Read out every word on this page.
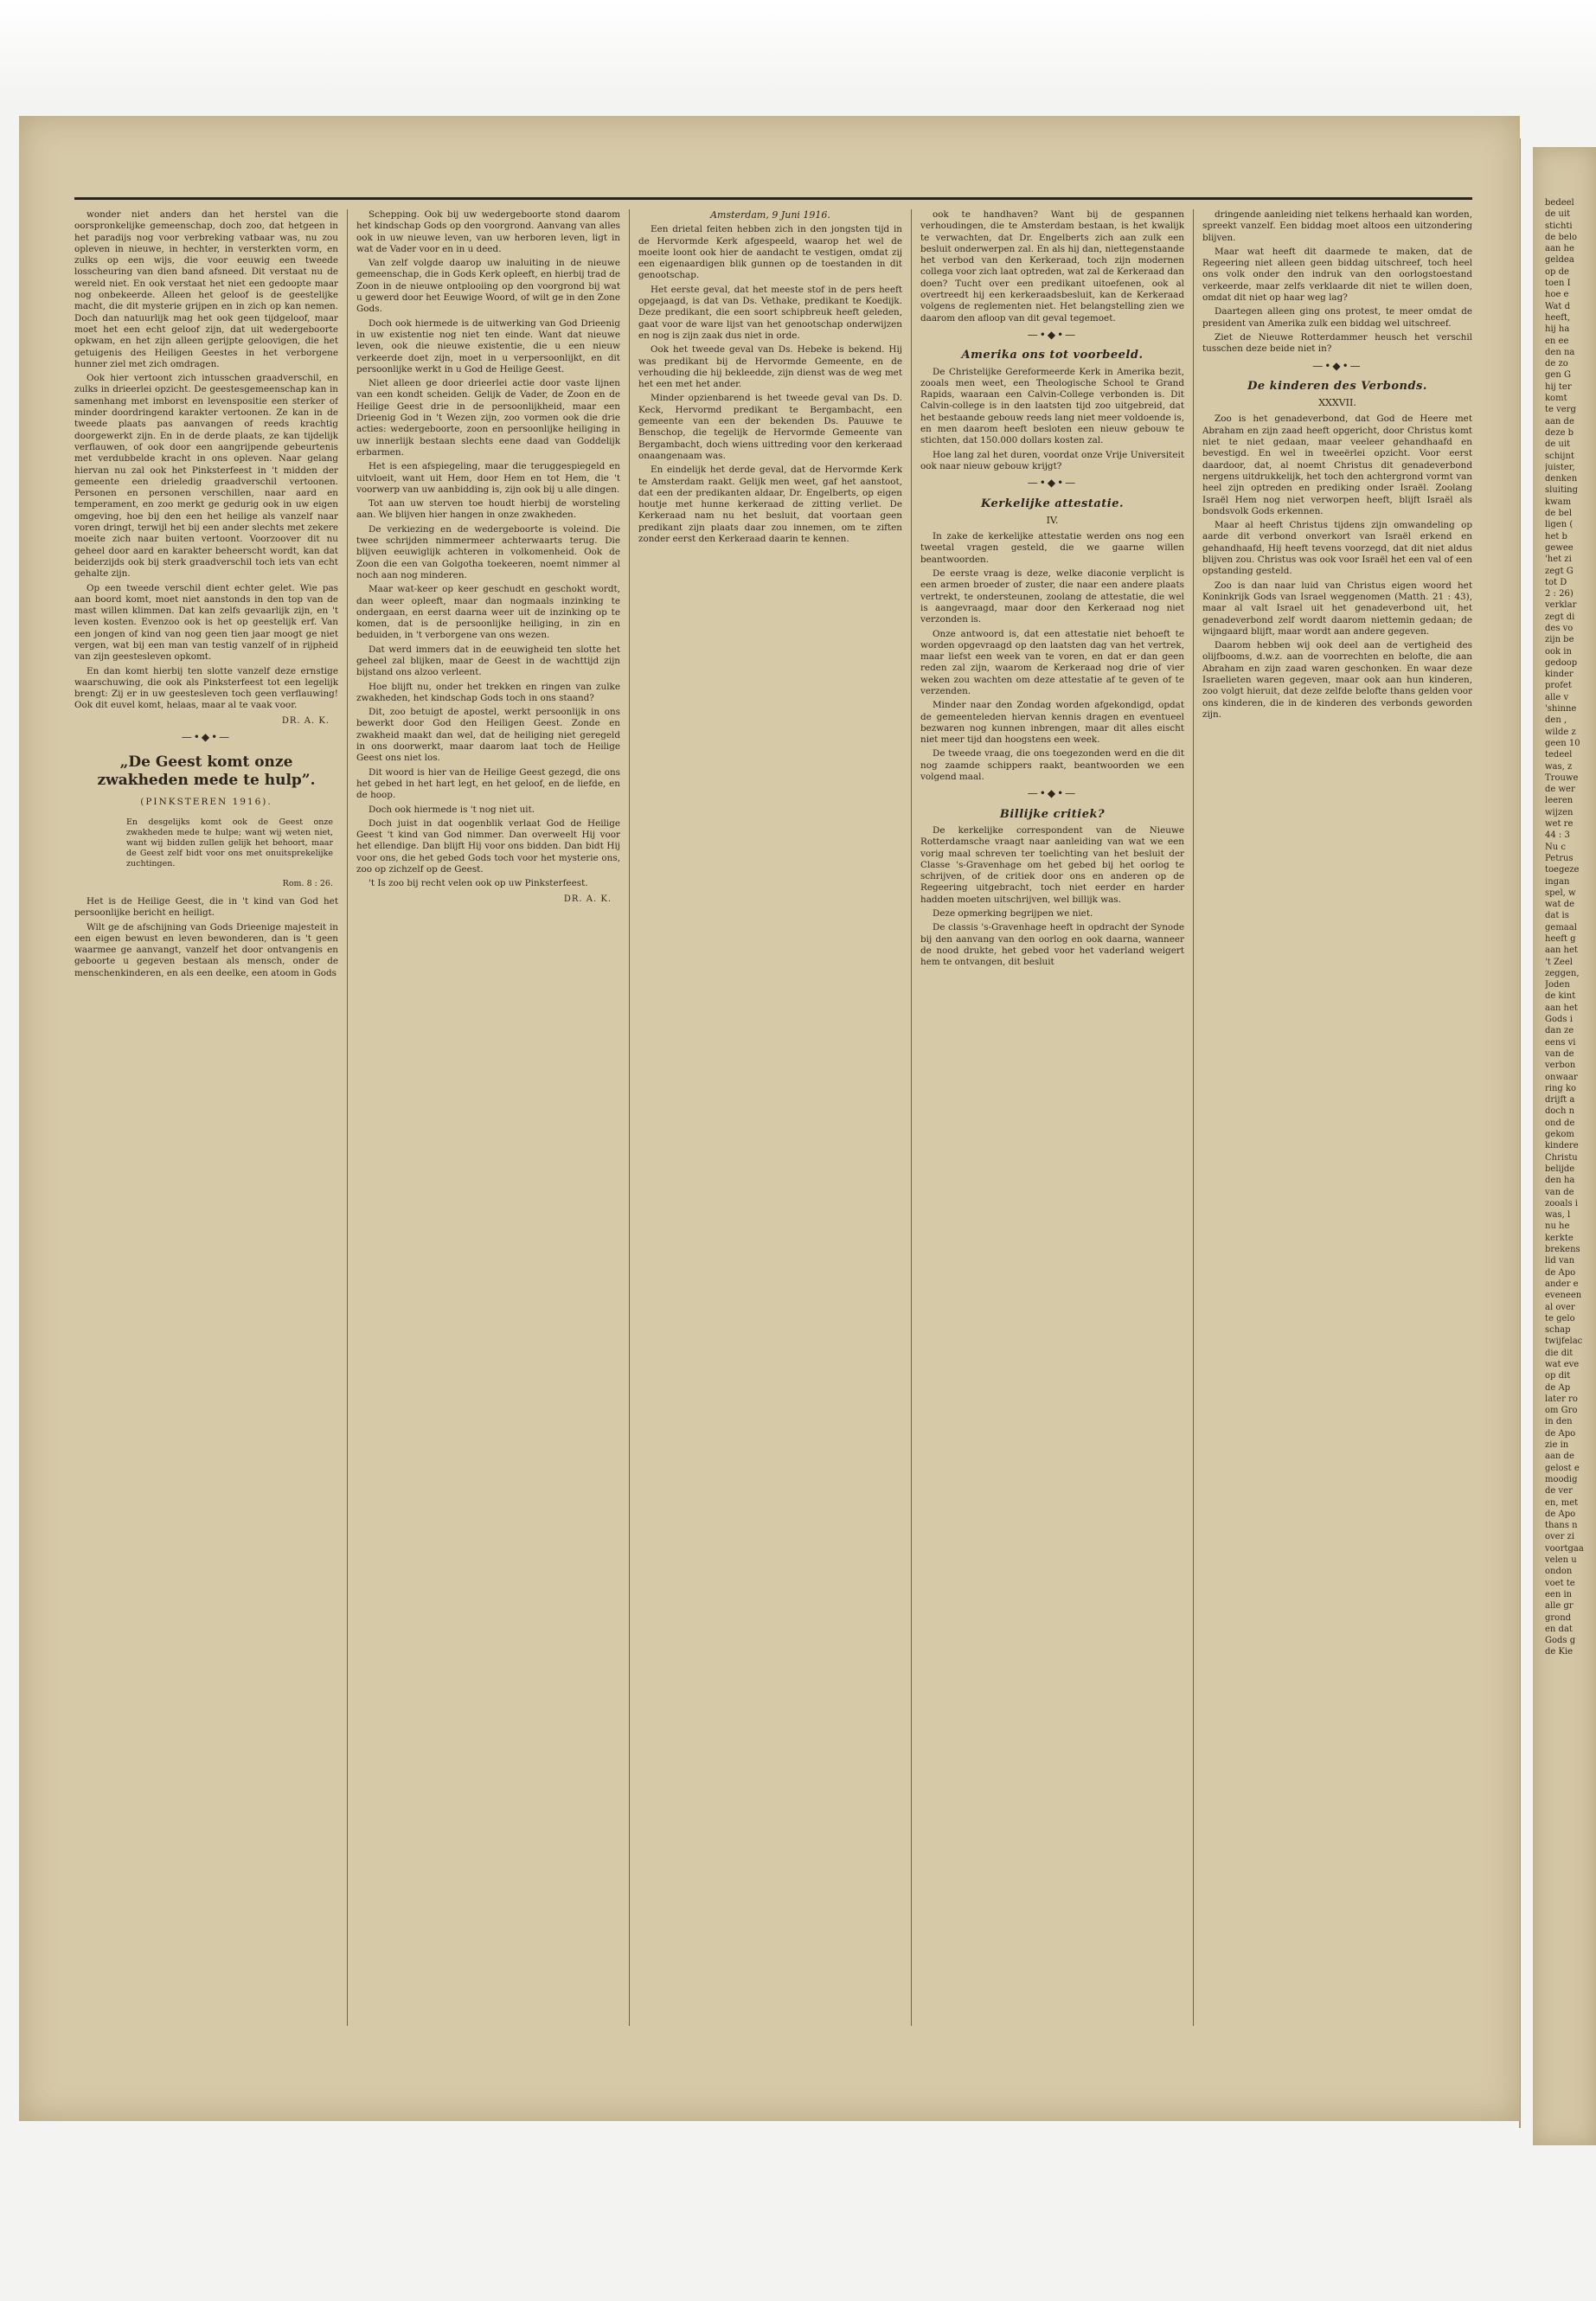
wonder niet anders dan het herstel van die oorspronkelijke gemeenschap, doch zoo, dat hetgeen in het paradijs nog voor verbreking vatbaar was, nu zou opleven in nieuwe, in hechter, in versterkten vorm, en zulks op een wijs, die voor eeuwig een tweede losscheuring van dien band afsneed. Dit verstaat nu de wereld niet. En ook verstaat het niet een gedoopte maar nog onbekeerde. Alleen het geloof is de geestelijke macht, die dit mysterie grijpen en in zich op kan nemen. Doch dan natuurlijk mag het ook geen tijdgeloof, maar moet het een echt geloof zijn, dat uit wedergeboorte opkwam, en het zijn alleen gerijpte geloovigen, die het getuigenis des Heiligen Geestes in het verborgene hunner ziel met zich omdragen.

Ook hier vertoont zich intusschen graadverschil, en zulks in drieerlei opzicht. De geestesgemeenschap kan in samenhang met imborst en levenspositie een sterker of minder doordringend karakter vertoonen. Ze kan in de tweede plaats pas aanvangen of reeds krachtig doorgewerkt zijn. En in de derde plaats, ze kan tijdelijk verflauwen, of ook door een aangrijpende gebeurtenis met verdubbelde kracht in ons opleven. Naar gelang hiervan nu zal ook het Pinksterfeest in 't midden der gemeente een drieledig graadverschil vertoonen. Personen en personen verschillen, naar aard en temperament, en zoo merkt ge gedurig ook in uw eigen omgeving, hoe bij den een het heilige als vanzelf naar voren dringt, terwijl het bij een ander slechts met zekere moeite zich naar buiten vertoont. Voorzoover dit nu geheel door aard en karakter beheerscht wordt, kan dat beiderzijds ook bij sterk graadverschil toch iets van echt gehalte zijn.

Op een tweede verschil dient echter gelet. Wie pas aan boord komt, moet niet aanstonds in den top van de mast willen klimmen. Dat kan zelfs gevaarlijk zijn, en 't leven kosten. Evenzoo ook is het op geestelijk erf. Van een jongen of kind van nog geen tien jaar moogt ge niet vergen, wat bij een man van testig vanzelf of in rijpheid van zijn geestesleven opkomt.

En dan komt hierbij ten slotte vanzelf deze ernstige waarschuwing, die ook als Pinksterfeest tot een legelijk brengt: Zij er in uw geestesleven toch geen verflauwing! Ook dit euvel komt, helaas, maar al te vaak voor.

DR. A. K.
—•◆•—
„De Geest komt onze zwakheden mede te hulp”.
(PINKSTEREN 1916).
En desgelijks komt ook de Geest onze zwakheden mede te hulpe; want wij weten niet, want wij bidden zullen gelijk het behoort, maar de Geest zelf bidt voor ons met onuitsprekelijke zuchtingen.
Rom. 8 : 26.

Het is de Heilige Geest, die in 't kind van God het persoonlijke bericht en heiligt.

Wilt ge de afschijning van Gods Drieenige majesteit in een eigen bewust en leven bewonderen, dan is 't geen waarmee ge aanvangt, vanzelf het door ontvangenis en geboorte u gegeven bestaan als mensch, onder de menschenkinderen, en als een deelke, een atoom in Gods

Schepping. Ook bij uw wedergeboorte stond daarom het kindschap Gods op den voorgrond. Aanvang van alles ook in uw nieuwe leven, van uw herboren leven, ligt in wat de Vader voor en in u deed.

Van zelf volgde daarop uw inaluiting in de nieuwe gemeenschap, die in Gods Kerk opleeft, en hierbij trad de Zoon in de nieuwe ontplooiing op den voorgrond bij wat u gewerd door het Eeuwige Woord, of wilt ge in den Zone Gods.

Doch ook hiermede is de uitwerking van God Drieenig in uw existentie nog niet ten einde. Want dat nieuwe leven, ook die nieuwe existentie, die u een nieuw verkeerde doet zijn, moet in u verpersoonlijkt, en dit persoonlijke werkt in u God de Heilige Geest.

Niet alleen ge door drieerlei actie door vaste lijnen van een kondt scheiden. Gelijk de Vader, de Zoon en de Heilige Geest drie in de persoonlijkheid, maar een Drieenig God in 't Wezen zijn, zoo vormen ook die drie acties: wedergeboorte, zoon en persoonlijke heiliging in uw innerlijk bestaan slechts eene daad van Goddelijk erbarmen.

Het is een afspiegeling, maar die teruggespiegeld en uitvloeit, want uit Hem, door Hem en tot Hem, die 't voorwerp van uw aanbidding is, zijn ook bij u alle dingen.

Tot aan uw sterven toe houdt hierbij de worsteling aan. We blijven hier hangen in onze zwakheden.

De verkiezing en de wedergeboorte is voleind. Die twee schrijden nimmermeer achterwaarts terug. Die blijven eeuwiglijk achteren in volkomenheid. Ook de Zoon die een van Golgotha toekeeren, noemt nimmer al noch aan nog minderen.

Maar wat-keer op keer geschudt en geschokt wordt, dan weer opleeft, maar dan nogmaals inzinking te ondergaan, en eerst daarna weer uit de inzinking op te komen, dat is de persoonlijke heiliging, in zin en beduiden, in 't verborgene van ons wezen.

Dat werd immers dat in de eeuwigheid ten slotte het geheel zal blijken, maar de Geest in de wachttijd zijn bijstand ons alzoo verleent.

Hoe blijft nu, onder het trekken en ringen van zulke zwakheden, het kindschap Gods toch in ons staand?

Dit, zoo betuigt de apostel, werkt persoonlijk in ons bewerkt door God den Heiligen Geest. Zonde en zwakheid maakt dan wel, dat de heiliging niet geregeld in ons doorwerkt, maar daarom laat toch de Heilige Geest ons niet los.

Dit woord is hier van de Heilige Geest gezegd, die ons het gebed in het hart legt, en het geloof, en de liefde, en de hoop.

Doch ook hiermede is 't nog niet uit.

Doch juist in dat oogenblik verlaat God de Heilige Geest 't kind van God nimmer. Dan overweelt Hij voor het ellendige. Dan blijft Hij voor ons bidden. Dan bidt Hij voor ons, die het gebed Gods toch voor het mysterie ons, zoo op zichzelf op de Geest.

't Is zoo bij recht velen ook op uw Pinksterfeest.

DR. A. K.
Amsterdam, 9 Juni 1916.

Een drietal feiten hebben zich in den jongsten tijd in de Hervormde Kerk afgespeeld, waarop het wel de moeite loont ook hier de aandacht te vestigen, omdat zij een eigenaardigen blik gunnen op de toestanden in dit genootschap.

Het eerste geval, dat het meeste stof in de pers heeft opgejaagd, is dat van Ds. Vethake, predikant te Koedijk. Deze predikant, die een soort schipbreuk heeft geleden, gaat voor de ware lijst van het genootschap onderwijzen en nog is zijn zaak dus niet in orde.

Ook het tweede geval van Ds. Hebeke is bekend. Hij was predikant bij de Hervormde Gemeente, en de verhouding die hij bekleedde, zijn dienst was de weg met het een met het ander.

Minder opzienbarend is het tweede geval van Ds. D. Keck, Hervormd predikant te Bergambacht, een gemeente van een der bekenden Ds. Pauuwe te Benschop, die tegelijk de Hervormde Gemeente van Bergambacht, doch wiens uittreding voor den kerkeraad onaangenaam was.

En eindelijk het derde geval, dat de Hervormde Kerk te Amsterdam raakt. Gelijk men weet, gaf het aanstoot, dat een der predikanten aldaar, Dr. Engelberts, op eigen houtje met hunne kerkeraad de zitting verliet. De Kerkeraad nam nu het besluit, dat voortaan geen predikant zijn plaats daar zou innemen, om te ziften zonder eerst den Kerkeraad daarin te kennen.

ook te handhaven? Want bij de gespannen verhoudingen, die te Amsterdam bestaan, is het kwalijk te verwachten, dat Dr. Engelberts zich aan zulk een besluit onderwerpen zal. En als hij dan, niettegenstaande het verbod van den Kerkeraad, toch zijn modernen collega voor zich laat optreden, wat zal de Kerkeraad dan doen? Tucht over een predikant uitoefenen, ook al overtreedt hij een kerkeraadsbesluit, kan de Kerkeraad volgens de reglementen niet. Het belangstelling zien we daarom den afloop van dit geval tegemoet.

—•◆•—
Amerika ons tot voorbeeld.

De Christelijke Gereformeerde Kerk in Amerika bezit, zooals men weet, een Theologische School te Grand Rapids, waaraan een Calvin-College verbonden is. Dit Calvin-college is in den laatsten tijd zoo uitgebreid, dat het bestaande gebouw reeds lang niet meer voldoende is, en men daarom heeft besloten een nieuw gebouw te stichten, dat 150.000 dollars kosten zal.

Hoe lang zal het duren, voordat onze Vrije Universiteit ook naar nieuw gebouw krijgt?

—•◆•—
Kerkelijke attestatie.
IV.

In zake de kerkelijke attestatie werden ons nog een tweetal vragen gesteld, die we gaarne willen beantwoorden.

De eerste vraag is deze, welke diaconie verplicht is een armen broeder of zuster, die naar een andere plaats vertrekt, te ondersteunen, zoolang de attestatie, die wel is aangevraagd, maar door den Kerkeraad nog niet verzonden is.

Onze antwoord is, dat een attestatie niet behoeft te worden opgevraagd op den laatsten dag van het vertrek, maar liefst een week van te voren, en dat er dan geen reden zal zijn, waarom de Kerkeraad nog drie of vier weken zou wachten om deze attestatie af te geven of te verzenden.

Minder naar den Zondag worden afgekondigd, opdat de gemeenteleden hiervan kennis dragen en eventueel bezwaren nog kunnen inbrengen, maar dit alles eischt niet meer tijd dan hoogstens een week.

De tweede vraag, die ons toegezonden werd en die dit nog zaamde schippers raakt, beantwoorden we een volgend maal.

—•◆•—
Billijke critiek?

De kerkelijke correspondent van de Nieuwe Rotterdamsche vraagt naar aanleiding van wat we een vorig maal schreven ter toelichting van het besluit der Classe 's-Gravenhage om het gebed bij het oorlog te schrijven, of de critiek door ons en anderen op de Regeering uitgebracht, toch niet eerder en harder hadden moeten uitschrijven, wel billijk was.

Deze opmerking begrijpen we niet.

De classis 's-Gravenhage heeft in opdracht der Synode bij den aanvang van den oorlog en ook daarna, wanneer de nood drukte, het gebed voor het vaderland weigert hem te ontvangen, dit besluit

dringende aanleiding niet telkens herhaald kan worden, spreekt vanzelf. Een biddag moet altoos een uitzondering blijven.

Maar wat heeft dit daarmede te maken, dat de Regeering niet alleen geen biddag uitschreef, toch heel ons volk onder den indruk van den oorlogstoestand verkeerde, maar zelfs verklaarde dit niet te willen doen, omdat dit niet op haar weg lag?

Daartegen alleen ging ons protest, te meer omdat de president van Amerika zulk een biddag wel uitschreef.

Ziet de Nieuwe Rotterdammer heusch het verschil tusschen deze beide niet in?

—•◆•—
De kinderen des Verbonds.
XXXVII.

Zoo is het genadeverbond, dat God de Heere met Abraham en zijn zaad heeft opgericht, door Christus komt niet te niet gedaan, maar veeleer gehandhaafd en bevestigd. En wel in tweeërlei opzicht. Voor eerst daardoor, dat, al noemt Christus dit genadeverbond nergens uitdrukkelijk, het toch den achtergrond vormt van heel zijn optreden en prediking onder Israël. Zoolang Israël Hem nog niet verworpen heeft, blijft Israël als bondsvolk Gods erkennen.

Maar al heeft Christus tijdens zijn omwandeling op aarde dit verbond onverkort van Israël erkend en gehandhaafd, Hij heeft tevens voorzegd, dat dit niet aldus blijven zou. Christus was ook voor Israël het een val of een opstanding gesteld.

Zoo is dan naar luid van Christus eigen woord het Koninkrijk Gods van Israel weggenomen (Matth. 21 : 43), maar al valt Israel uit het genadeverbond uit, het genadeverbond zelf wordt daarom niettemin gedaan; de wijngaard blijft, maar wordt aan andere gegeven.

Daarom hebben wij ook deel aan de vertigheid des olijfbooms, d.w.z. aan de voorrechten en belofte, die aan Abraham en zijn zaad waren geschonken. En waar deze Israelieten waren gegeven, maar ook aan hun kinderen, zoo volgt hieruit, dat deze zelfde belofte thans gelden voor ons kinderen, die in de kinderen des verbonds geworden zijn.

bedeel
de uit
stichti
de belo
aan he
geldea
op de
toen I
hoe e
Wat d
heeft,
hij ha
en ee
den na
de zo
gen G
hij ter
komt
te verg
aan de
deze b
de uit
schijnt
juister,
denken
sluiting
kwam
de bel
ligen (
het b
gewee
'het zi
zegt G
tot D
2 : 26)
verklar
zegt di
des vo
zijn be
ook in
gedoop
kinder
profet
alle v
'shinne
den ,
wilde z
geen 10
tedeel
was, z
Trouwe
de wer
leeren
wijzen
wet re
44 : 3
Nu c
Petrus
toegeze
ingan
spel, w
wat de
dat is
gemaal
heeft g
aan het
't Zeel
zeggen,
Joden
de kint
aan het
Gods i
dan ze
eens vi
van de
verbon
onwaar
ring ko
drijft a
doch n
ond de
gekom
kindere
Christu
belijde
den ha
van de
zooals i
was, l
nu he
kerkte
brekens
lid van
de Apo
ander e
eveneen
al over
te gelo
schap
twijfelac
die dit
wat eve
op dit
de Ap
later ro
om Gro
in den
de Apo
zie in
aan de
gelost e
moodig
de ver
en, met
de Apo
thans n
over zi
voortgaa
velen u
ondon
voet te
een in
alle gr
grond
en dat
Gods g
de Kie
